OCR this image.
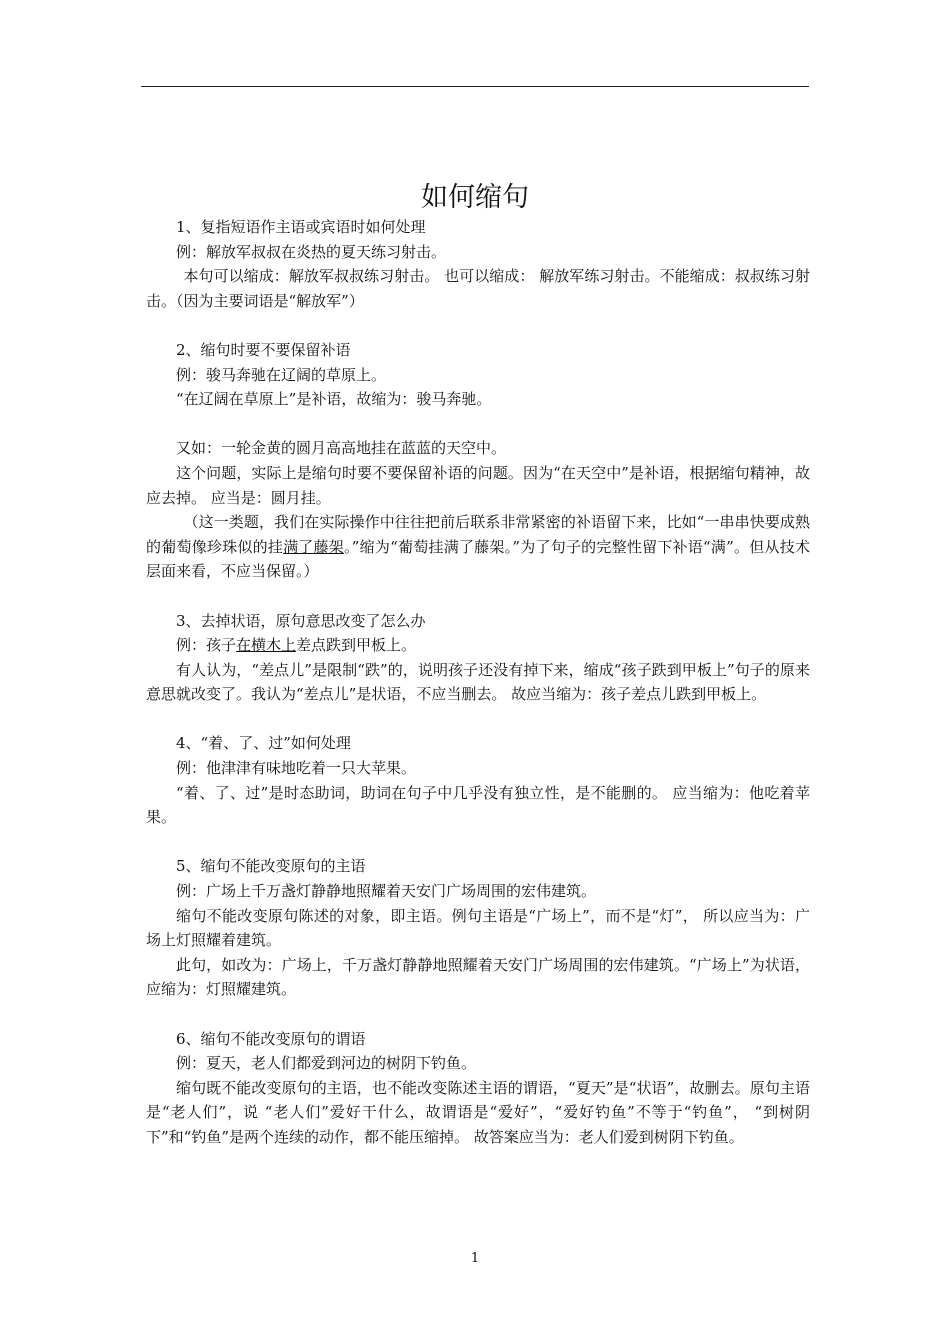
如何缩句

1、复指短语作主语或宾语时如何处理

例：解放军叔叔在炎热的夏天练习射击。

本句可以缩成：解放军叔叔练习射击。 也可以缩成： 解放军练习射击。不能缩成：叔叔练习射击。（因为主要词语是“解放军”）

2、缩句时要不要保留补语

例：骏马奔驰在辽阔的草原上。

“在辽阔在草原上”是补语，故缩为：骏马奔驰。

又如：一轮金黄的圆月高高地挂在蓝蓝的天空中。

这个问题，实际上是缩句时要不要保留补语的问题。因为“在天空中”是补语，根据缩句精神，故应去掉。 应当是：圆月挂。

（这一类题，我们在实际操作中往往把前后联系非常紧密的补语留下来，比如“一串串快要成熟的葡萄像珍珠似的挂满了藤架。”缩为“葡萄挂满了藤架。”为了句子的完整性留下补语“满”。但从技术层面来看，不应当保留。）

3、去掉状语，原句意思改变了怎么办

例：孩子在横木上差点跌到甲板上。

有人认为，“差点儿”是限制“跌”的，说明孩子还没有掉下来，缩成“孩子跌到甲板上”句子的原来意思就改变了。我认为“差点儿”是状语，不应当删去。 故应当缩为：孩子差点儿跌到甲板上。

4、“着、了、过”如何处理

例：他津津有味地吃着一只大苹果。

“着、了、过”是时态助词，助词在句子中几乎没有独立性，是不能删的。 应当缩为：他吃着苹果。

5、缩句不能改变原句的主语

例：广场上千万盏灯静静地照耀着天安门广场周围的宏伟建筑。

缩句不能改变原句陈述的对象，即主语。例句主语是“广场上”，而不是“灯”， 所以应当为：广场上灯照耀着建筑。

此句，如改为：广场上，千万盏灯静静地照耀着天安门广场周围的宏伟建筑。“广场上”为状语，应缩为：灯照耀建筑。

6、缩句不能改变原句的谓语

例：夏天，老人们都爱到河边的树阴下钓鱼。

缩句既不能改变原句的主语，也不能改变陈述主语的谓语，“夏天”是“状语”，故删去。原句主语是“老人们”，说 “老人们”爱好干什么，故谓语是“爱好”，“爱好钓鱼”不等于“钓鱼”， “到树阴下”和“钓鱼”是两个连续的动作，都不能压缩掉。 故答案应当为：老人们爱到树阴下钓鱼。

1
